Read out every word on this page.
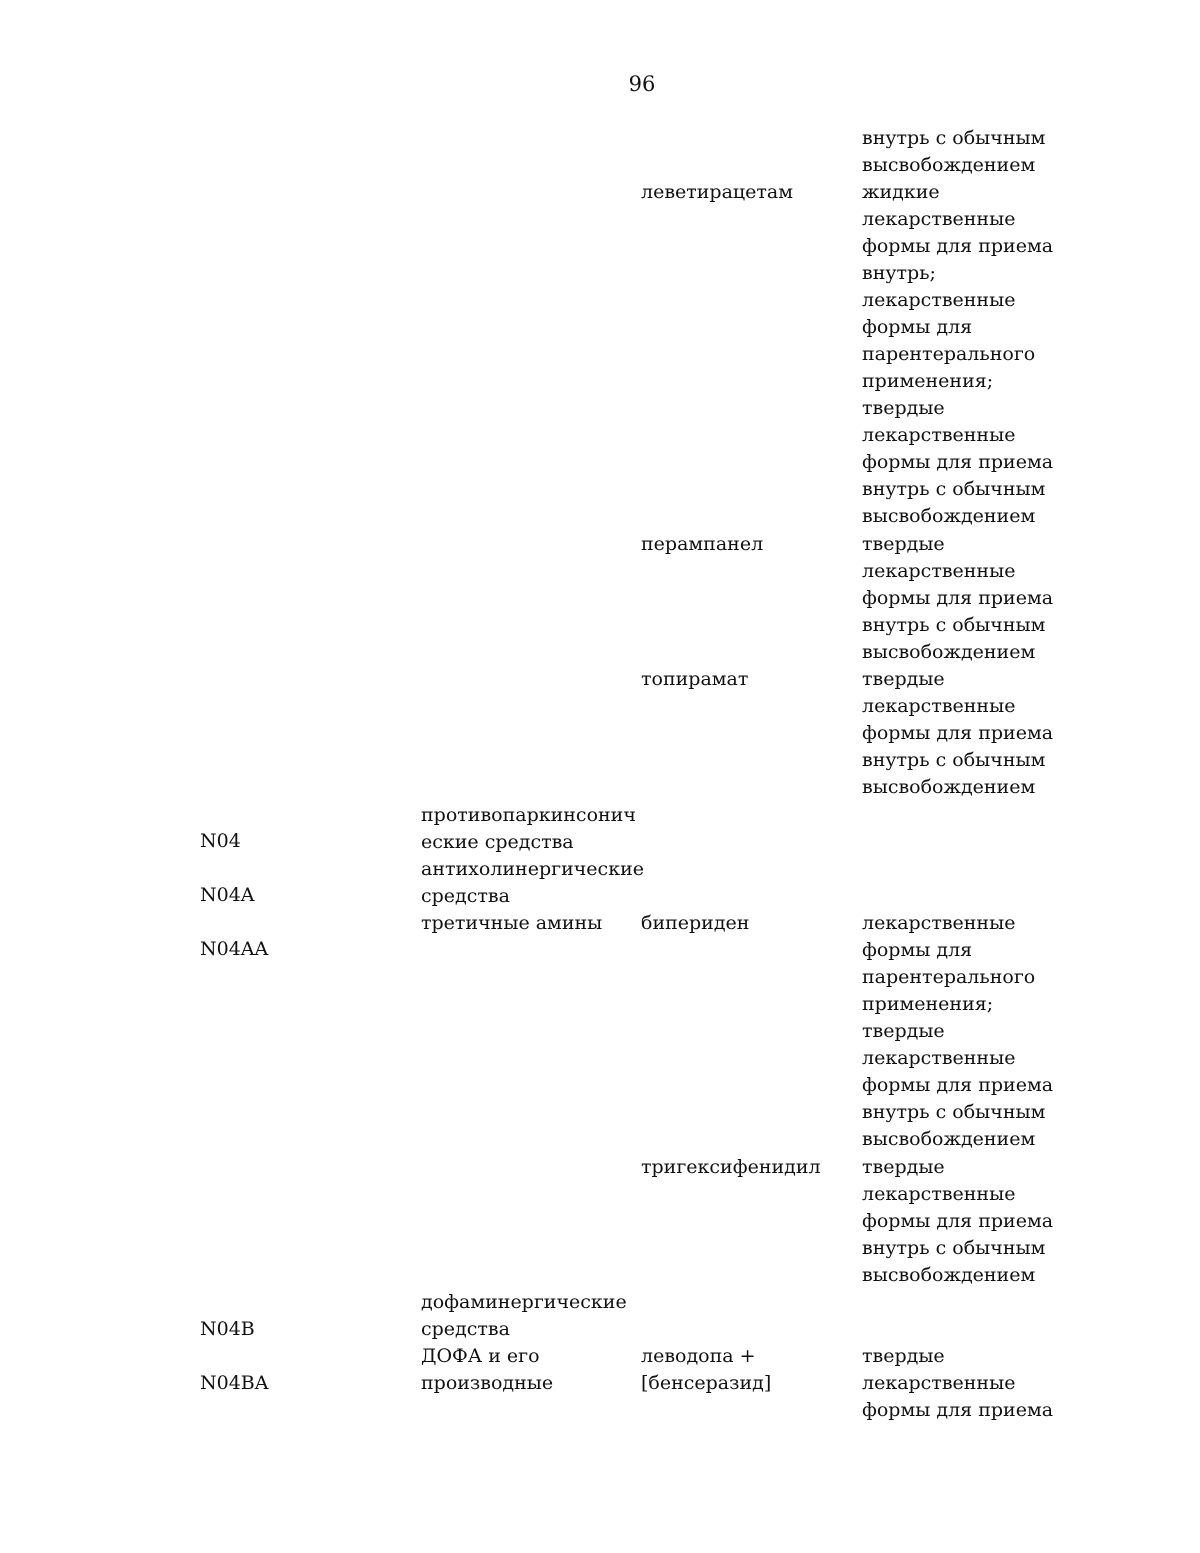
96
N04
N04A
N04AA
N04B
N04BA
противопаркинсонич
еские средства
антихолинергические
средства
третичные амины
дофаминергические
средства
ДОФА и его
производные
леветирацетам
перампанел
топирамат
бипериден
тригексифенидил
леводопа +
[бенсеразид]
внутрь с обычным
высвобождением
жидкие
лекарственные
формы для приема
внутрь;
лекарственные
формы для
парентерального
применения;
твердые
лекарственные
формы для приема
внутрь с обычным
высвобождением
твердые
лекарственные
формы для приема
внутрь с обычным
высвобождением
твердые
лекарственные
формы для приема
внутрь с обычным
высвобождением
лекарственные
формы для
парентерального
применения;
твердые
лекарственные
формы для приема
внутрь с обычным
высвобождением
твердые
лекарственные
формы для приема
внутрь с обычным
высвобождением
твердые
лекарственные
формы для приема
